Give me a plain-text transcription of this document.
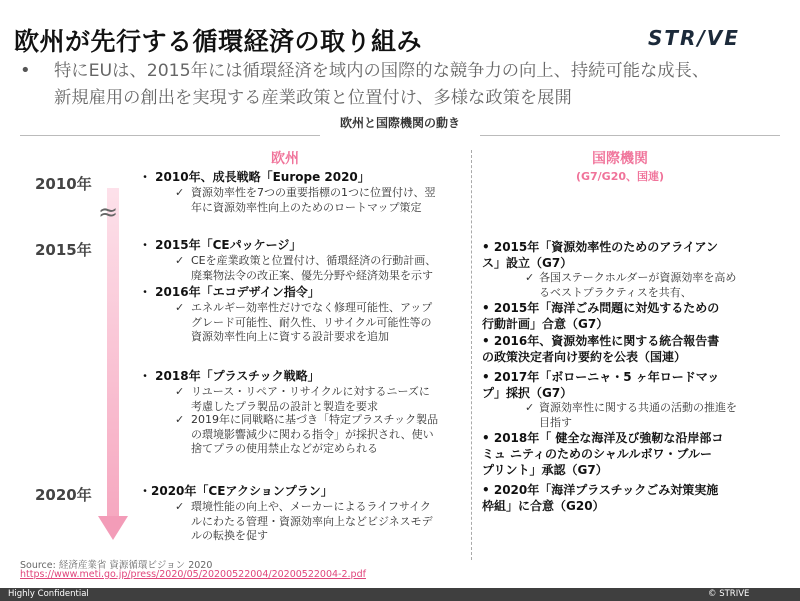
欧州が先行する循環経済の取り組み	STR/VE
• 特にEUは、2015年には循環経済を域内の国際的な競争力の向上、持続可能な成長、
新規雇用の創出を実現する産業政策と位置付け、多様な政策を展開
欧州と国際機関の動き
欧州	国際機関
(G7/G20、国連)
2010年
2015年
2020年
≈
・ 2010年、成長戦略「Europe 2020」
✓ 資源効率性を7つの重要指標の1つに位置付け、翌
年に資源効率性向上のためのロートマップ策定
・ 2015年「CEパッケージ」
✓ CEを産業政策と位置付け、循環経済の行動計画、
廃棄物法令の改正案、優先分野や経済効果を示す
・ 2016年「エコデザイン指令」
✓ エネルギー効率性だけでなく修理可能性、アップ
グレード可能性、耐久性、リサイクル可能性等の
資源効率性向上に資する設計要求を追加
・ 2018年「プラスチック戦略」
✓ リユース・リペア・リサイクルに対するニーズに
考慮したプラ製品の設計と製造を要求
✓ 2019年に同戦略に基づき「特定プラスチック製品
の環境影響減少に関わる指令」が採択され、使い
捨てプラの使用禁止などが定められる
・2020年「CEアクションプラン」
✓ 環境性能の向上や、メーカーによるライフサイク
ルにわたる管理・資源効率向上などビジネスモデ
ルの転換を促す
• 2015年「資源効率性のためのアライアン
ス」設立（G7）
✓ 各国ステークホルダーが資源効率を高め
るベストプラクティスを共有、
• 2015年「海洋ごみ問題に対処するための
行動計画」合意（G7）
• 2016年、資源効率性に関する統合報告書
の政策決定者向け要約を公表（国連）
• 2017年「ボローニャ・5 ヶ年ロードマッ
プ」採択（G7）
✓ 資源効率性に関する共通の活動の推進を
目指す
• 2018年「 健全な海洋及び強靭な沿岸部コ
ミュ ニティのためのシャルルボワ・ブルー
プリント」承認（G7）
• 2020年「海洋プラスチックごみ対策実施
枠組」に合意（G20）
Source: 経済産業省 資源循環ビジョン 2020
https://www.meti.go.jp/press/2020/05/20200522004/20200522004-2.pdf
Highly Confidential	© STRIVE
